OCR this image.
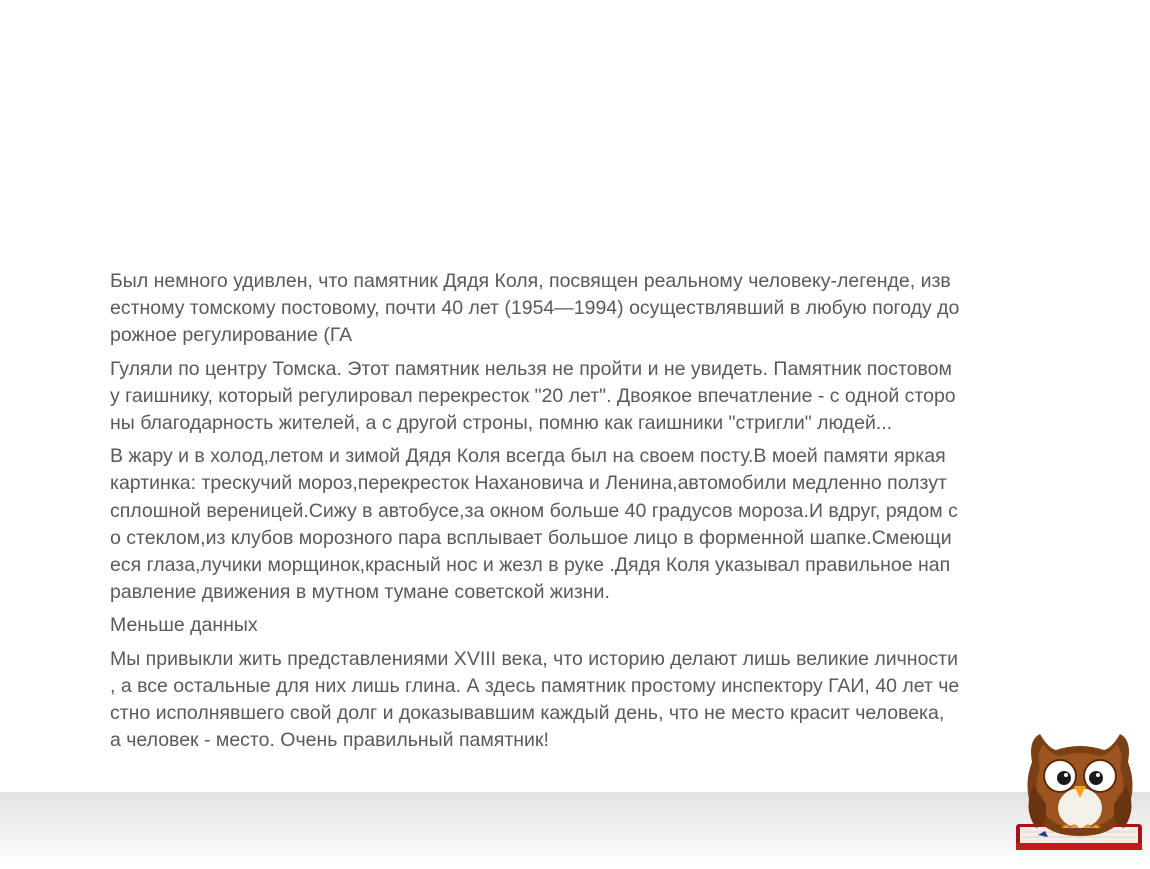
Был немного удивлен, что памятник Дядя Коля, посвящен реальному человеку-легенде, изв
естному томскому постовому, почти 40 лет (1954—1994) осуществлявший в любую погоду до
рожное регулирование (ГА

Гуляли по центру Томска. Этот памятник нельзя не пройти и не увидеть. Памятник постовом
у гаишнику, который регулировал перекресток "20 лет". Двоякое впечатление - с одной сторо
ны благодарность жителей, а с другой строны, помню как гаишники "стригли" людей...

В жару и в холод,летом и зимой Дядя Коля всегда был на своем посту.В моей памяти яркая
картинка: трескучий мороз,перекресток Нахановича и Ленина,автомобили медленно ползут
сплошной вереницей.Сижу в автобусе,за окном больше 40 градусов мороза.И вдруг, рядом с
о стеклом,из клубов морозного пара всплывает большое лицо в форменной шапке.Смеющи
еся глаза,лучики морщинок,красный нос и жезл в руке .Дядя Коля указывал правильное нап
равление движения в мутном тумане советской жизни.

Меньше данных

Мы привыкли жить представлениями XVIII века, что историю делают лишь великие личности
, а все остальные для них лишь глина. А здесь памятник простому инспектору ГАИ, 40 лет че
стно исполнявшего свой долг и доказывавшим каждый день, что не место красит человека,
а человек - место. Очень правильный памятник!
